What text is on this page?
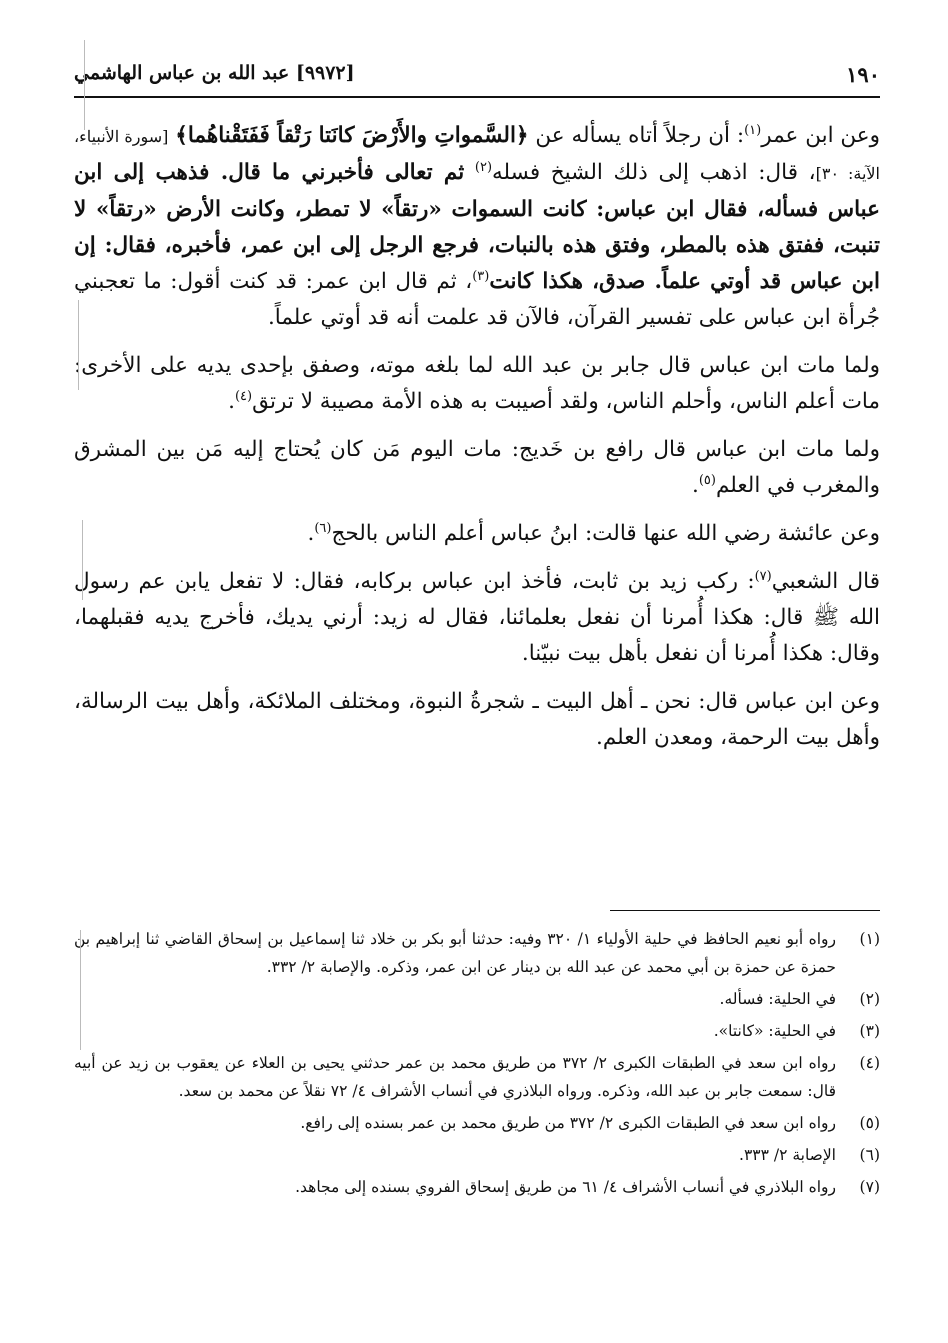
١٩٠
[٩٩٧٢] عبد الله بن عباس الهاشمي

وعن ابن عمر$^{(١)}$: أن رجلاً أتاه يسأله عن ﴿السَّمواتِ والأَرْضَ كانَتا رَتْقاً فَفَتَقْناهُما﴾ [سورة الأنبياء، الآية: ٣٠]، قال: اذهب إلى ذلك الشيخ فسله$^{(٢)}$ ثم تعالى فأخبرني ما قال. فذهب إلى ابن عباس فسأله، فقال ابن عباس: كانت السموات «رتقاً» لا تمطر، وكانت الأرض «رتقاً» لا تنبت، ففتق هذه بالمطر، وفتق هذه بالنبات، فرجع الرجل إلى ابن عمر، فأخبره، فقال: إن ابن عباس قد أوتي علماً. صدق، هكذا كانت$^{(٣)}$، ثم قال ابن عمر: قد كنت أقول: ما تعجبني جُرأة ابن عباس على تفسير القرآن، فالآن قد علمت أنه قد أوتي علماً.

ولما مات ابن عباس قال جابر بن عبد الله لما بلغه موته، وصفق بإحدى يديه على الأخرى: مات أعلم الناس، وأحلم الناس، ولقد أصيبت به هذه الأمة مصيبة لا ترتق$^{(٤)}$.

ولما مات ابن عباس قال رافع بن خَديج: مات اليوم مَن كان يُحتاج إليه مَن بين المشرق والمغرب في العلم$^{(٥)}$.

وعن عائشة رضي الله عنها قالت: ابنُ عباس أعلم الناس بالحج$^{(٦)}$.

قال الشعبي$^{(٧)}$: ركب زيد بن ثابت، فأخذ ابن عباس بركابه، فقال: لا تفعل يابن عم رسول الله ﷺ قال: هكذا أُمرنا أن نفعل بعلمائنا، فقال له زيد: أرني يديك، فأخرج يديه فقبلهما، وقال: هكذا أُمرنا أن نفعل بأهل بيت نبيّنا.

وعن ابن عباس قال: نحن ـ أهل البيت ـ شجرةُ النبوة، ومختلف الملائكة، وأهل بيت الرسالة، وأهل بيت الرحمة، ومعدن العلم.

(١)
رواه أبو نعيم الحافظ في حلية الأولياء ١/ ٣٢٠ وفيه: حدثنا أبو بكر بن خلاد ثنا إسماعيل بن إسحاق القاضي ثنا إبراهيم بن حمزة عن حمزة بن أبي محمد عن عبد الله بن دينار عن ابن عمر، وذكره. والإصابة ٢/ ٣٣٢.
(٢)
في الحلية: فسأله.
(٣)
في الحلية: «كانتا».
(٤)
رواه ابن سعد في الطبقات الكبرى ٢/ ٣٧٢ من طريق محمد بن عمر حدثني يحيى بن العلاء عن يعقوب بن زيد عن أبيه قال: سمعت جابر بن عبد الله، وذكره. ورواه البلاذري في أنساب الأشراف ٤/ ٧٢ نقلاً عن محمد بن سعد.
(٥)
رواه ابن سعد في الطبقات الكبرى ٢/ ٣٧٢ من طريق محمد بن عمر بسنده إلى رافع.
(٦)
الإصابة ٢/ ٣٣٣.
(٧)
رواه البلاذري في أنساب الأشراف ٤/ ٦١ من طريق إسحاق الفروي بسنده إلى مجاهد.
